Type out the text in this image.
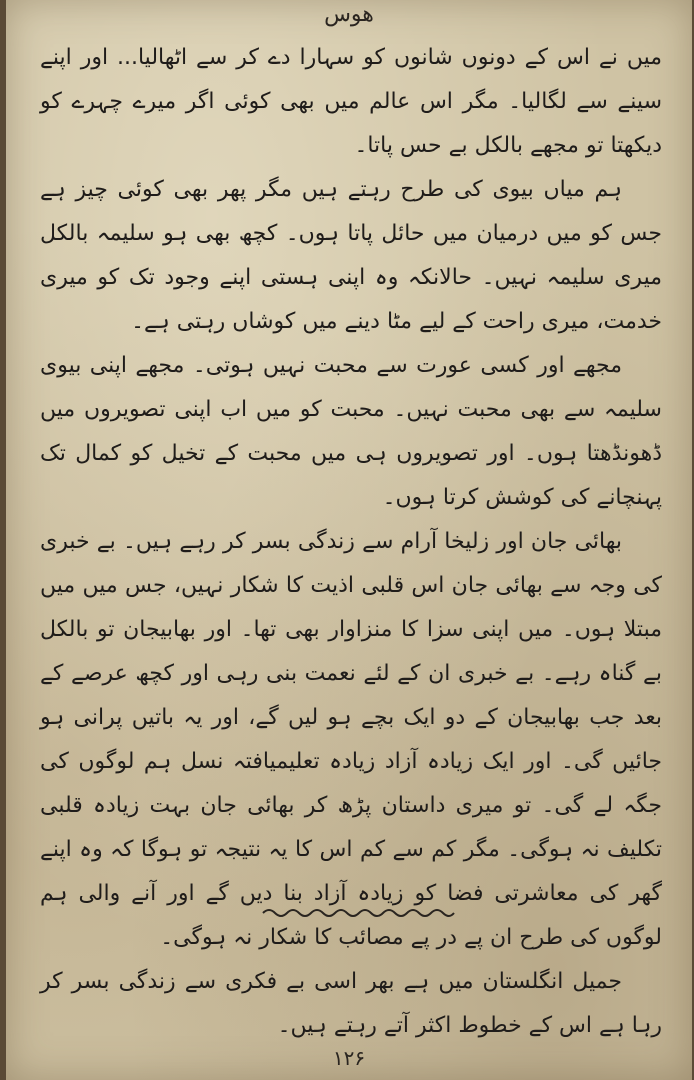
ھوس

میں نے اس کے دونوں شانوں کو سہارا دے کر سے اٹھالیا... اور اپنے سینے سے لگالیا۔ مگر اس عالم میں بھی کوئی اگر میرے چہرے کو دیکھتا تو مجھے بالکل بے حس پاتا۔

ہم میاں بیوی کی طرح رہتے ہیں مگر پھر بھی کوئی چیز ہے جس کو میں درمیان میں حائل پاتا ہوں۔ کچھ بھی ہو سلیمہ بالکل میری سلیمہ نہیں۔ حالانکہ وہ اپنی ہستی اپنے وجود تک کو میری خدمت، میری راحت کے لیے مٹا دینے میں کوشاں رہتی ہے۔

مجھے اور کسی عورت سے محبت نہیں ہوتی۔ مجھے اپنی بیوی سلیمہ سے بھی محبت نہیں۔ محبت کو میں اب اپنی تصویروں میں ڈھونڈھتا ہوں۔ اور تصویروں ہی میں محبت کے تخیل کو کمال تک پہنچانے کی کوشش کرتا ہوں۔

بھائی جان اور زلیخا آرام سے زندگی بسر کر رہے ہیں۔ بے خبری کی وجہ سے بھائی جان اس قلبی اذیت کا شکار نہیں، جس میں میں مبتلا ہوں۔ میں اپنی سزا کا منزاوار بھی تھا۔ اور بھابیجان تو بالکل بے گناہ رہے۔ بے خبری ان کے لئے نعمت بنی رہی اور کچھ عرصے کے بعد جب بھابیجان کے دو ایک بچے ہو لیں گے، اور یہ باتیں پرانی ہو جائیں گی۔ اور ایک زیادہ آزاد زیادہ تعلیمیافتہ نسل ہم لوگوں کی جگہ لے گی۔ تو میری داستان پڑھ کر بھائی جان بہت زیادہ قلبی تکلیف نہ ہوگی۔ مگر کم سے کم اس کا یہ نتیجہ تو ہوگا کہ وہ اپنے گھر کی معاشرتی فضا کو زیادہ آزاد بنا دیں گے اور آنے والی ہم لوگوں کی طرح ان پے در پے مصائب کا شکار نہ ہوگی۔

جمیل انگلستان میں ہے بھر اسی بے فکری سے زندگی بسر کر رہا ہے اس کے خطوط اکثر آتے رہتے ہیں۔

۱۲۶
